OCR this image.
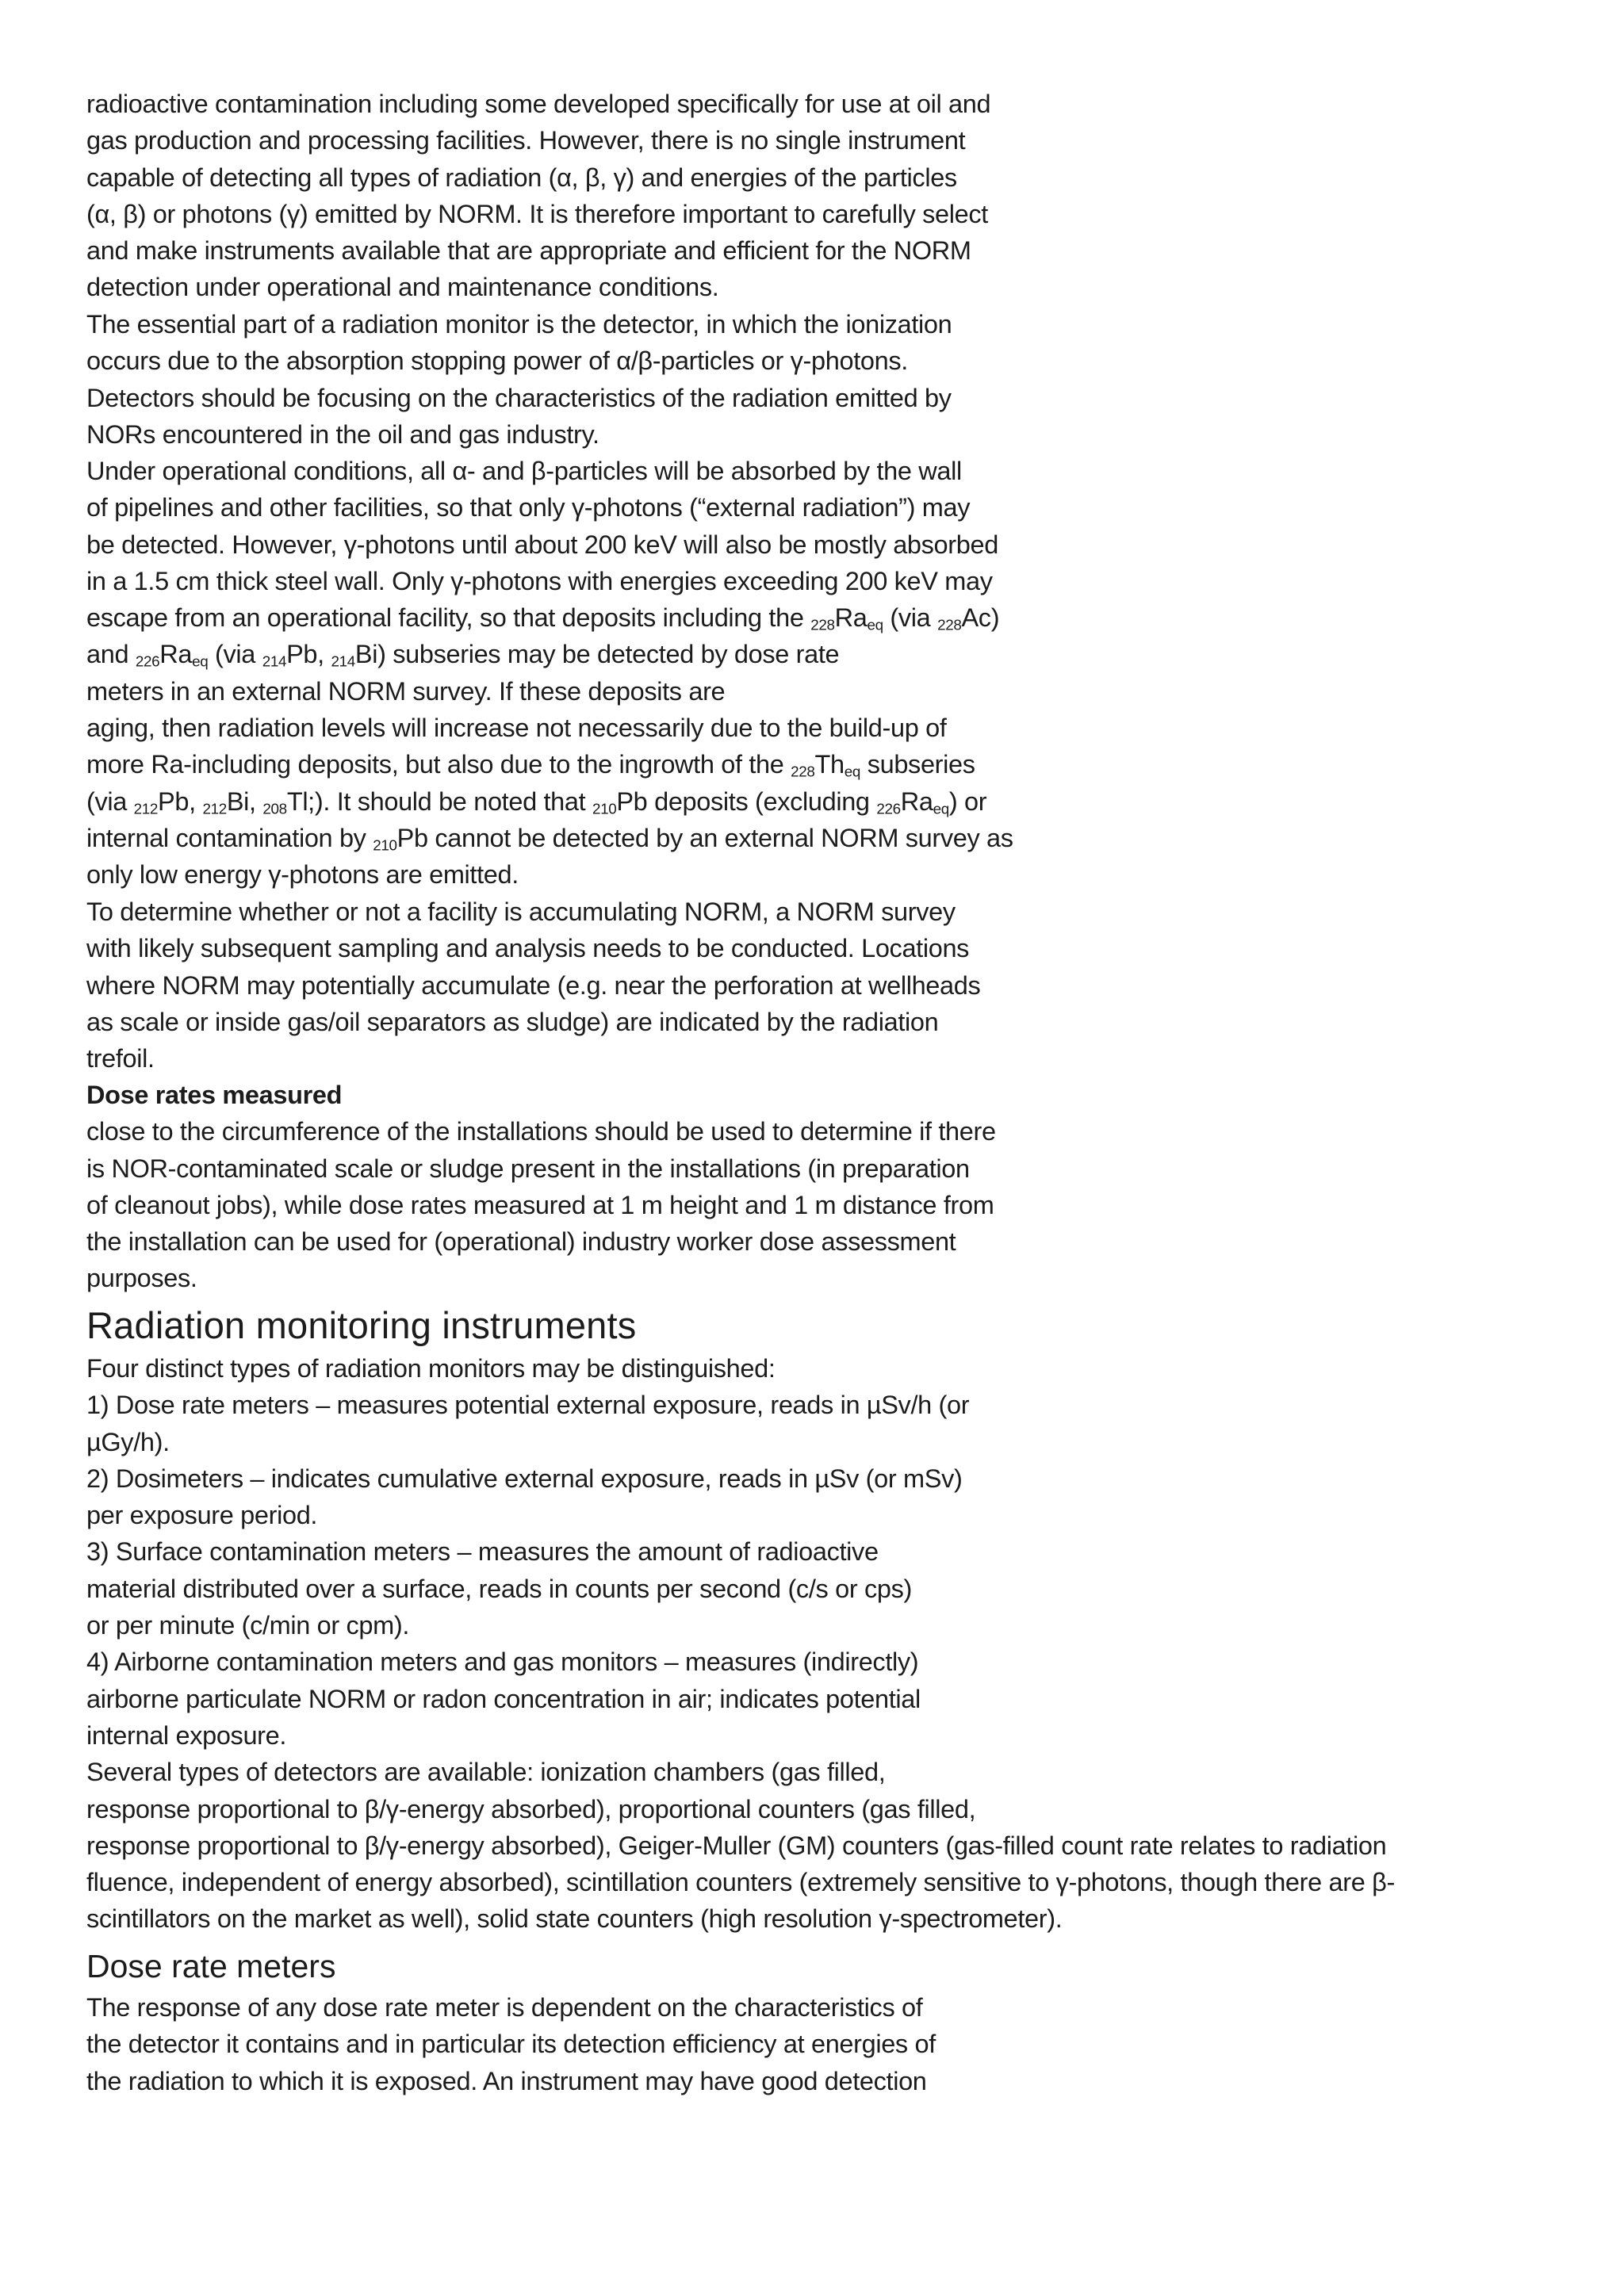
radioactive contamination including some developed specifically for use at oil and
gas production and processing facilities. However, there is no single instrument
capable of detecting all types of radiation (α, β, γ) and energies of the particles
(α, β) or photons (γ) emitted by NORM. It is therefore important to carefully select
and make instruments available that are appropriate and efficient for the NORM
detection under operational and maintenance conditions.
The essential part of a radiation monitor is the detector, in which the ionization
occurs due to the absorption stopping power of α/β-particles or γ-photons.
Detectors should be focusing on the characteristics of the radiation emitted by
NORs encountered in the oil and gas industry.
Under operational conditions, all α- and β-particles will be absorbed by the wall
of pipelines and other facilities, so that only γ-photons (“external radiation”) may
be detected. However, γ-photons until about 200 keV will also be mostly absorbed
in a 1.5 cm thick steel wall. Only γ-photons with energies exceeding 200 keV may
escape from an operational facility, so that deposits including the $_{228}Ra_{eq}$ (via $_{228}$Ac)
and $_{226}Ra_{eq}$ (via $_{214}$Pb, $_{214}$Bi) subseries may be detected by dose rate
meters in an external NORM survey. If these deposits are
aging, then radiation levels will increase not necessarily due to the build-up of
more Ra-including deposits, but also due to the ingrowth of the $_{228}Th_{eq}$ subseries
(via $_{212}$Pb, $_{212}$Bi, $_{208}$Tl;). It should be noted that $_{210}$Pb deposits (excluding $_{226}Ra_{eq}$) or
internal contamination by $_{210}$Pb cannot be detected by an external NORM survey as
only low energy γ-photons are emitted.
To determine whether or not a facility is accumulating NORM, a NORM survey
with likely subsequent sampling and analysis needs to be conducted. Locations
where NORM may potentially accumulate (e.g. near the perforation at wellheads
as scale or inside gas/oil separators as sludge) are indicated by the radiation
trefoil.
Dose rates measured
close to the circumference of the installations should be used to determine if there
is NOR-contaminated scale or sludge present in the installations (in preparation
of cleanout jobs), while dose rates measured at 1 m height and 1 m distance from
the installation can be used for (operational) industry worker dose assessment
purposes.
Radiation monitoring instruments
Four distinct types of radiation monitors may be distinguished:
1) Dose rate meters – measures potential external exposure, reads in µSv/h (or
µGy/h).
2) Dosimeters – indicates cumulative external exposure, reads in µSv (or mSv)
per exposure period.
3) Surface contamination meters – measures the amount of radioactive
material distributed over a surface, reads in counts per second (c/s or cps)
or per minute (c/min or cpm).
4) Airborne contamination meters and gas monitors – measures (indirectly)
airborne particulate NORM or radon concentration in air; indicates potential
internal exposure.
Several types of detectors are available: ionization chambers (gas filled,
response proportional to β/γ-energy absorbed), proportional counters (gas filled,
response proportional to β/γ-energy absorbed), Geiger-Muller (GM) counters (gas-filled count rate relates to radiation
fluence, independent of energy absorbed), scintillation counters (extremely sensitive to γ-photons, though there are β-
scintillators on the market as well), solid state counters (high resolution γ-spectrometer).
Dose rate meters
The response of any dose rate meter is dependent on the characteristics of
the detector it contains and in particular its detection efficiency at energies of
the radiation to which it is exposed. An instrument may have good detection
